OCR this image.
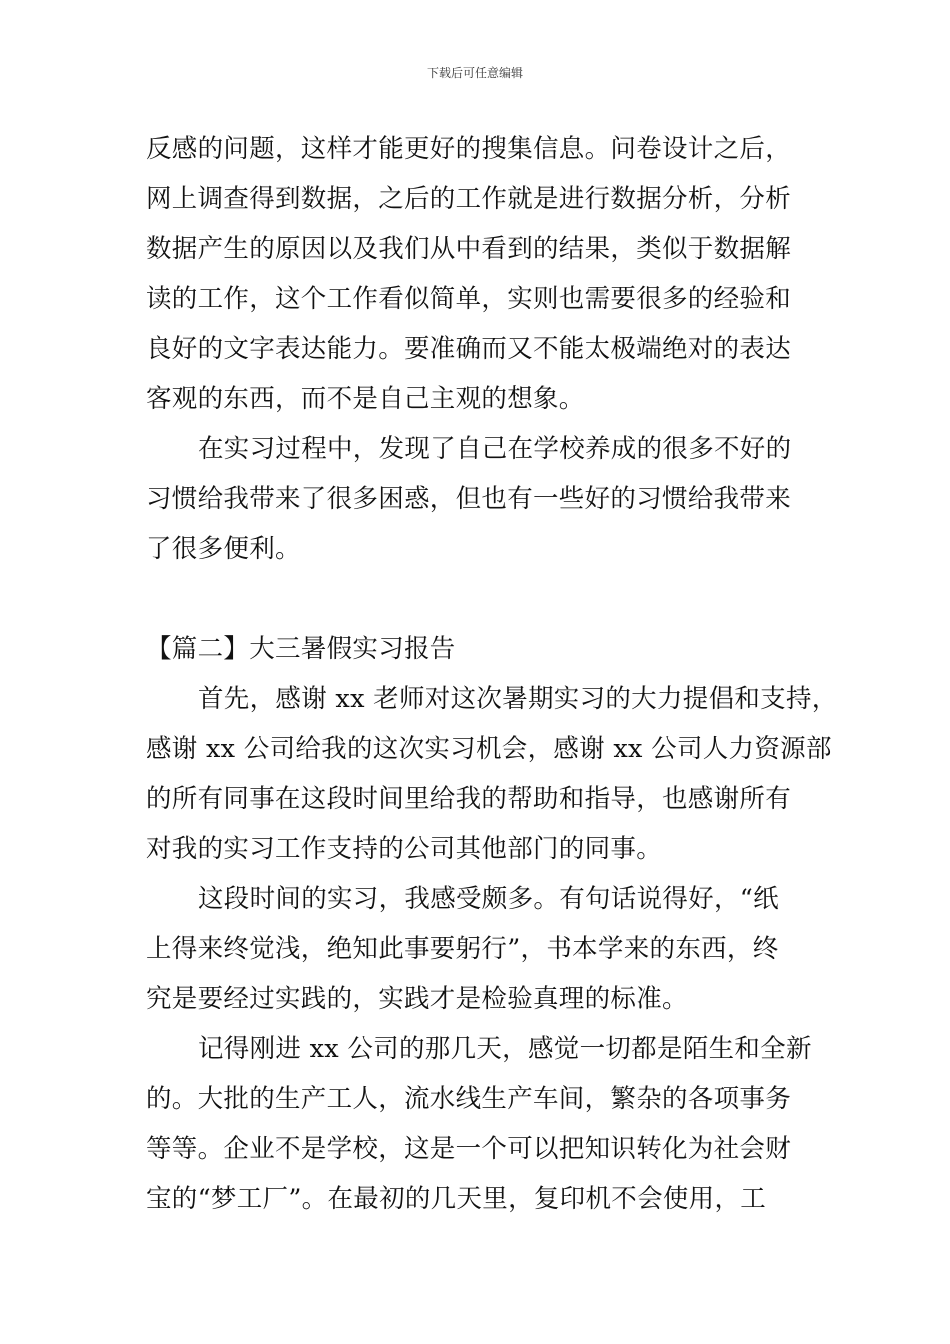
下载后可任意编辑
反感的问题，这样才能更好的搜集信息。问卷设计之后，
网上调查得到数据，之后的工作就是进行数据分析，分析
数据产生的原因以及我们从中看到的结果，类似于数据解
读的工作，这个工作看似简单，实则也需要很多的经验和
良好的文字表达能力。要准确而又不能太极端绝对的表达
客观的东西，而不是自己主观的想象。
在实习过程中，发现了自己在学校养成的很多不好的
习惯给我带来了很多困惑，但也有一些好的习惯给我带来
了很多便利。
【篇二】大三暑假实习报告
首先，感谢 xx 老师对这次暑期实习的大力提倡和支持，
感谢 xx 公司给我的这次实习机会，感谢 xx 公司人力资源部
的所有同事在这段时间里给我的帮助和指导，也感谢所有
对我的实习工作支持的公司其他部门的同事。
这段时间的实习，我感受颇多。有句话说得好，“纸
上得来终觉浅，绝知此事要躬行”，书本学来的东西，终
究是要经过实践的，实践才是检验真理的标准。
记得刚进 xx 公司的那几天，感觉一切都是陌生和全新
的。大批的生产工人，流水线生产车间，繁杂的各项事务
等等。企业不是学校，这是一个可以把知识转化为社会财
宝的“梦工厂”。在最初的几天里，复印机不会使用，工
